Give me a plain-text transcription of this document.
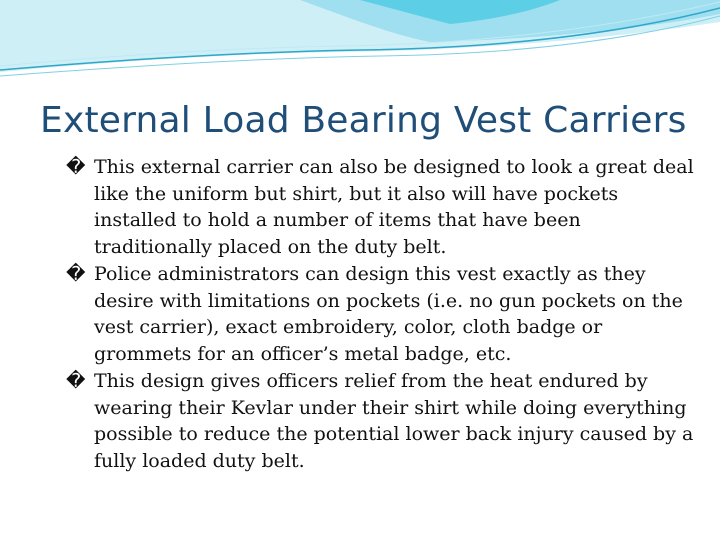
External Load Bearing Vest Carriers
� This external carrier can also be designed to look a great deal like the uniform but shirt, but it also will have pockets installed to hold a number of items that have been traditionally placed on the duty belt.
� Police administrators can design this vest exactly as they desire with limitations on pockets (i.e. no gun pockets on the vest carrier), exact embroidery, color, cloth badge or grommets for an officer’s metal badge, etc.
� This design gives officers relief from the heat endured by wearing their Kevlar under their shirt while doing everything possible to reduce the potential lower back injury caused by a fully loaded duty belt.
